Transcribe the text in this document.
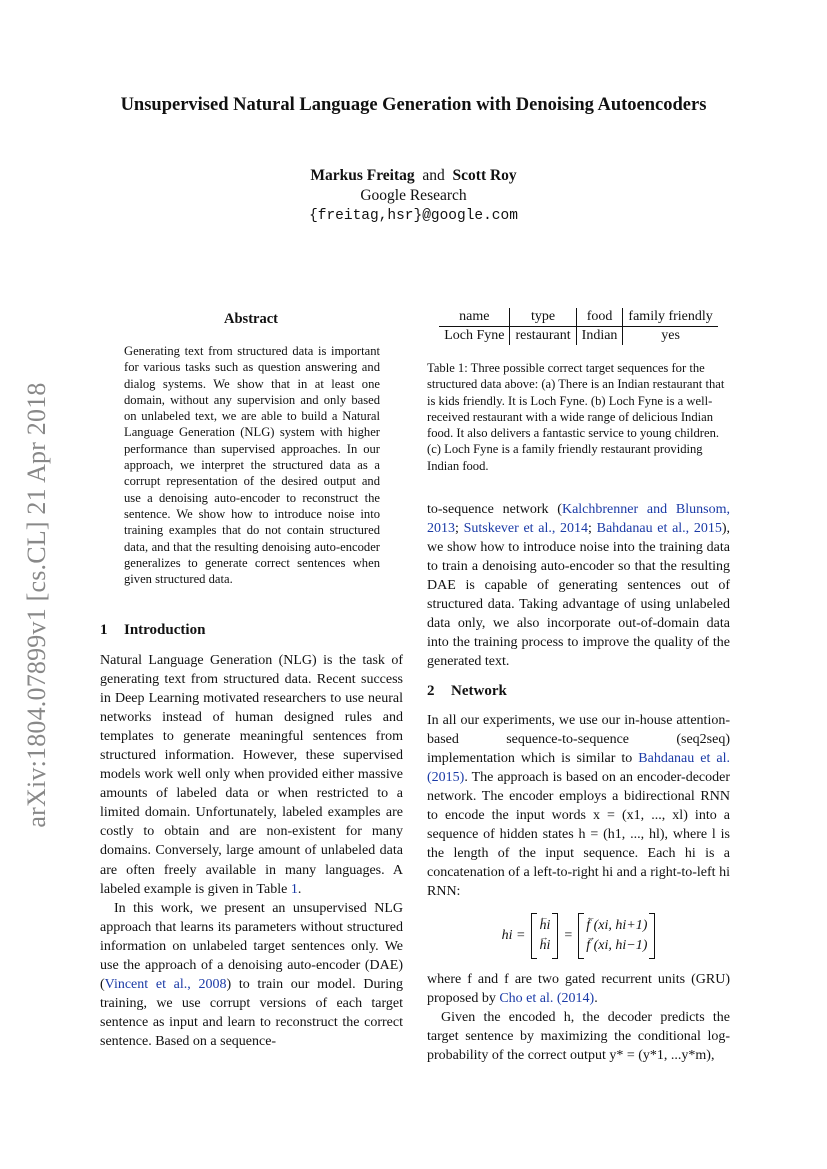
Unsupervised Natural Language Generation with Denoising Autoencoders
Markus Freitag and Scott Roy
Google Research
{freitag,hsr}@google.com
arXiv:1804.07899v1 [cs.CL] 21 Apr 2018
Abstract
Generating text from structured data is important for various tasks such as question answering and dialog systems. We show that in at least one domain, without any supervision and only based on unlabeled text, we are able to build a Natural Language Generation (NLG) system with higher performance than supervised approaches. In our approach, we interpret the structured data as a corrupt representation of the desired output and use a denoising auto-encoder to reconstruct the sentence. We show how to introduce noise into training examples that do not contain structured data, and that the resulting denoising auto-encoder generalizes to generate correct sentences when given structured data.
1 Introduction

Natural Language Generation (NLG) is the task of generating text from structured data. Recent success in Deep Learning motivated researchers to use neural networks instead of human designed rules and templates to generate meaningful sentences from structured information. However, these supervised models work well only when provided either massive amounts of labeled data or when restricted to a limited domain. Unfortunately, labeled examples are costly to obtain and are non-existent for many domains. Conversely, large amount of unlabeled data are often freely available in many languages. A labeled example is given in Table 1.

In this work, we present an unsupervised NLG approach that learns its parameters without structured information on unlabeled target sentences only. We use the approach of a denoising auto-encoder (DAE) (Vincent et al., 2008) to train our model. During training, we use corrupt versions of each target sentence as input and learn to reconstruct the correct sentence. Based on a sequence-

name	type	food	family friendly
Loch Fyne	restaurant	Indian	yes
Table 1: Three possible correct target sequences for the structured data above: (a) There is an Indian restaurant that is kids friendly. It is Loch Fyne. (b) Loch Fyne is a well-received restaurant with a wide range of delicious Indian food. It also delivers a fantastic service to young children. (c) Loch Fyne is a family friendly restaurant providing Indian food.

to-sequence network (Kalchbrenner and Blunsom, 2013; Sutskever et al., 2014; Bahdanau et al., 2015), we show how to introduce noise into the training data to train a denoising auto-encoder so that the resulting DAE is capable of generating sentences out of structured data. Taking advantage of using unlabeled data only, we also incorporate out-of-domain data into the training process to improve the quality of the generated text.

2 Network

In all our experiments, we use our in-house attention-based sequence-to-sequence (seq2seq) implementation which is similar to Bahdanau et al. (2015). The approach is based on an encoder-decoder network. The encoder employs a bidirectional RNN to encode the input words x = (x1, ..., xl) into a sequence of hidden states h = (h1, ..., hl), where l is the length of the input sequence. Each hi is a concatenation of a left-to-right hi and a right-to-left hi RNN:

hi =
← hi
→ hi
=
← f (xi, hi+1)
→ f (xi, hi−1)

where f and f are two gated recurrent units (GRU) proposed by Cho et al. (2014).

Given the encoded h, the decoder predicts the target sentence by maximizing the conditional log-probability of the correct output y* = (y*1, ...y*m),
